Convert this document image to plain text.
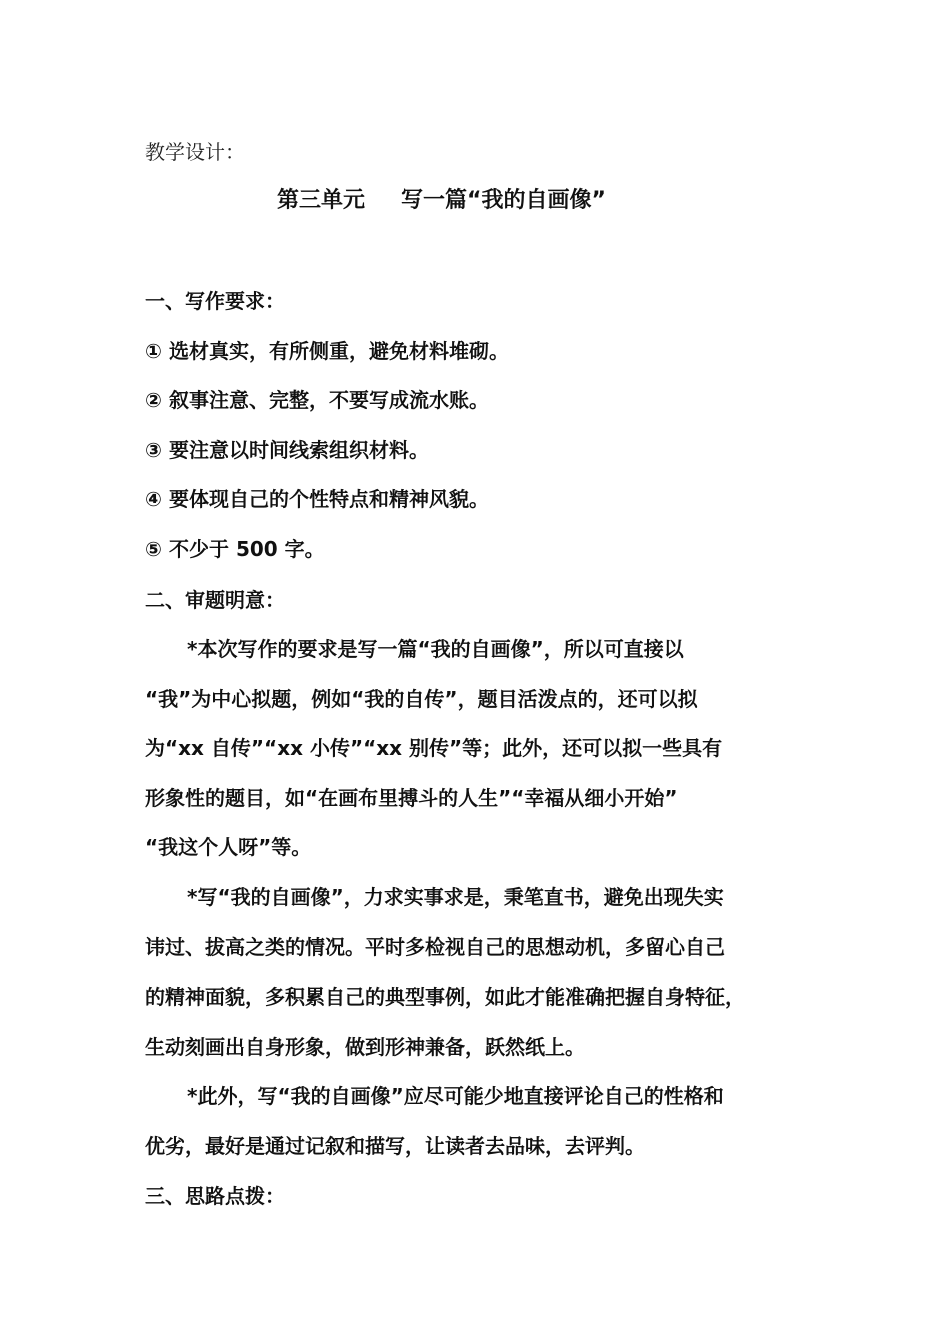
教学设计：
第三单元 写一篇“我的自画像”
一、写作要求：
① 选材真实，有所侧重，避免材料堆砌。
② 叙事注意、完整，不要写成流水账。
③ 要注意以时间线索组织材料。
④ 要体现自己的个性特点和精神风貌。
⑤ 不少于 500 字。
二、审题明意：
*本次写作的要求是写一篇“我的自画像”，所以可直接以
“我”为中心拟题，例如“我的自传”，题目活泼点的，还可以拟
为“xx 自传”“xx 小传”“xx 别传”等；此外，还可以拟一些具有
形象性的题目，如“在画布里搏斗的人生”“幸福从细小开始”
“我这个人呀”等。
*写“我的自画像”，力求实事求是，秉笔直书，避免出现失实
讳过、拔高之类的情况。平时多检视自己的思想动机，多留心自己
的精神面貌，多积累自己的典型事例，如此才能准确把握自身特征，
生动刻画出自身形象，做到形神兼备，跃然纸上。
*此外，写“我的自画像”应尽可能少地直接评论自己的性格和
优劣，最好是通过记叙和描写，让读者去品味，去评判。
三、思路点拨：
